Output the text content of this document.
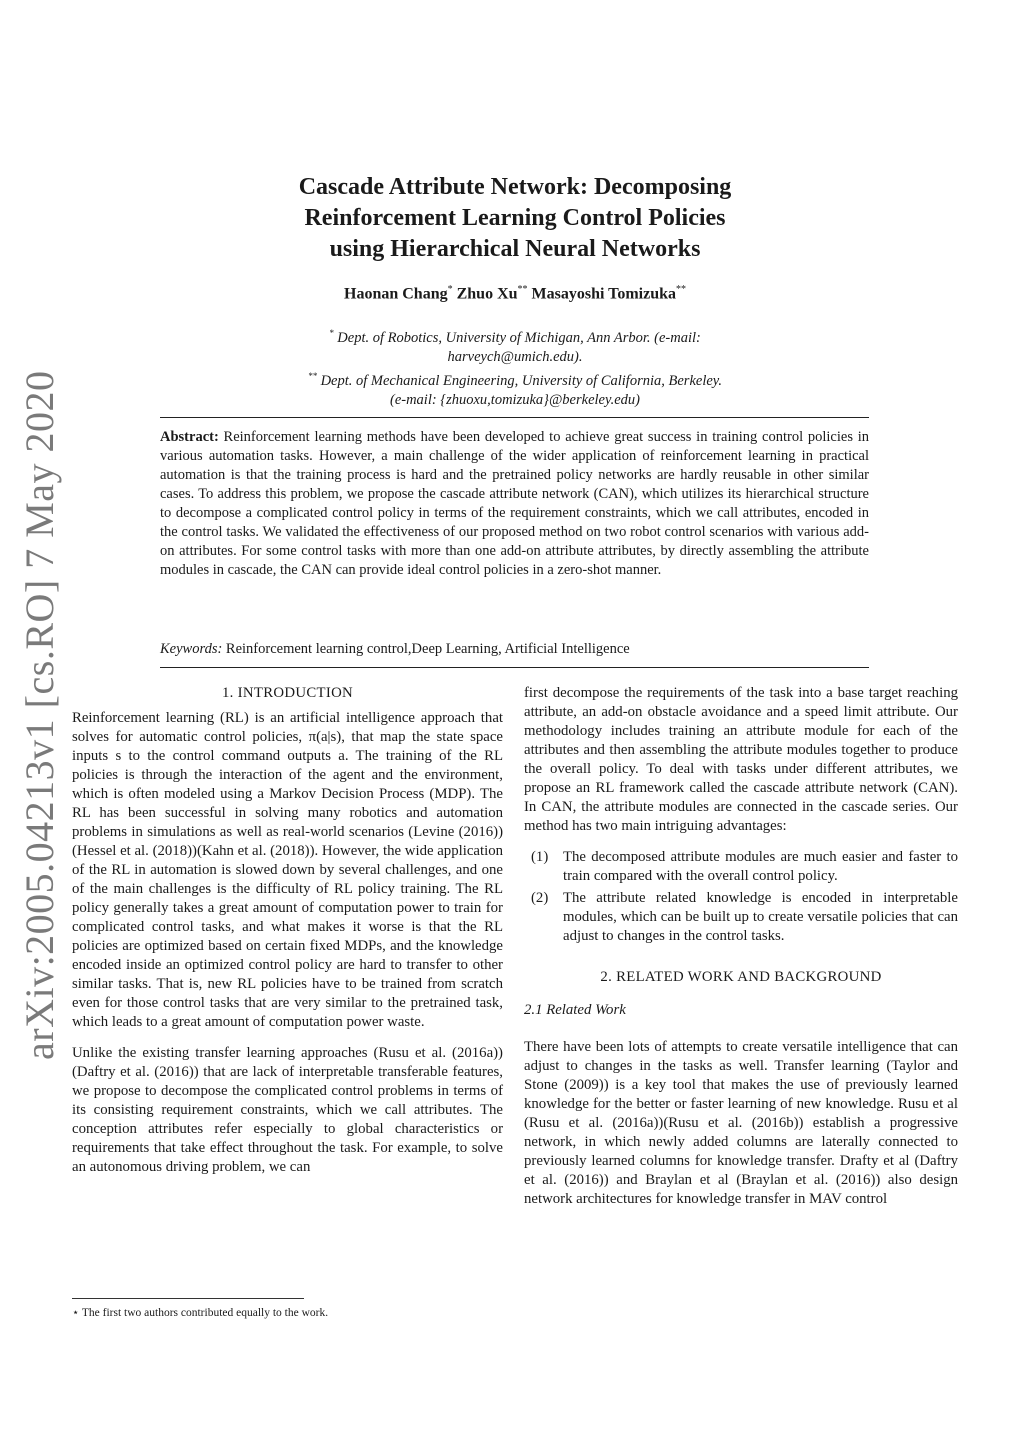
arXiv:2005.04213v1 [cs.RO] 7 May 2020
Cascade Attribute Network: Decomposing
Reinforcement Learning Control Policies
using Hierarchical Neural Networks
Haonan Chang* Zhuo Xu** Masayoshi Tomizuka**
* Dept. of Robotics, University of Michigan, Ann Arbor. (e-mail:
harveych@umich.edu).
** Dept. of Mechanical Engineering, University of California, Berkeley.
(e-mail: {zhuoxu,tomizuka}@berkeley.edu)
Abstract: Reinforcement learning methods have been developed to achieve great success in training control policies in various automation tasks. However, a main challenge of the wider application of reinforcement learning in practical automation is that the training process is hard and the pretrained policy networks are hardly reusable in other similar cases. To address this problem, we propose the cascade attribute network (CAN), which utilizes its hierarchical structure to decompose a complicated control policy in terms of the requirement constraints, which we call attributes, encoded in the control tasks. We validated the effectiveness of our proposed method on two robot control scenarios with various add-on attributes. For some control tasks with more than one add-on attribute attributes, by directly assembling the attribute modules in cascade, the CAN can provide ideal control policies in a zero-shot manner.
Keywords: Reinforcement learning control,Deep Learning, Artificial Intelligence
1. INTRODUCTION

Reinforcement learning (RL) is an artificial intelligence approach that solves for automatic control policies, π(a|s), that map the state space inputs s to the control command outputs a. The training of the RL policies is through the interaction of the agent and the environment, which is often modeled using a Markov Decision Process (MDP). The RL has been successful in solving many robotics and automation problems in simulations as well as real-world scenarios (Levine (2016))(Hessel et al. (2018))(Kahn et al. (2018)). However, the wide application of the RL in automation is slowed down by several challenges, and one of the main challenges is the difficulty of RL policy training. The RL policy generally takes a great amount of computation power to train for complicated control tasks, and what makes it worse is that the RL policies are optimized based on certain fixed MDPs, and the knowledge encoded inside an optimized control policy are hard to transfer to other similar tasks. That is, new RL policies have to be trained from scratch even for those control tasks that are very similar to the pretrained task, which leads to a great amount of computation power waste.

Unlike the existing transfer learning approaches (Rusu et al. (2016a)) (Daftry et al. (2016)) that are lack of interpretable transferable features, we propose to decompose the complicated control problems in terms of its consisting requirement constraints, which we call attributes. The conception attributes refer especially to global characteristics or requirements that take effect throughout the task. For example, to solve an autonomous driving problem, we can

first decompose the requirements of the task into a base target reaching attribute, an add-on obstacle avoidance and a speed limit attribute. Our methodology includes training an attribute module for each of the attributes and then assembling the attribute modules together to produce the overall policy. To deal with tasks under different attributes, we propose an RL framework called the cascade attribute network (CAN). In CAN, the attribute modules are connected in the cascade series. Our method has two main intriguing advantages:

(1) The decomposed attribute modules are much easier and faster to train compared with the overall control policy.
(2) The attribute related knowledge is encoded in interpretable modules, which can be built up to create versatile policies that can adjust to changes in the control tasks.
2. RELATED WORK AND BACKGROUND
2.1 Related Work

There have been lots of attempts to create versatile intelligence that can adjust to changes in the tasks as well. Transfer learning (Taylor and Stone (2009)) is a key tool that makes the use of previously learned knowledge for the better or faster learning of new knowledge. Rusu et al (Rusu et al. (2016a))(Rusu et al. (2016b)) establish a progressive network, in which newly added columns are laterally connected to previously learned columns for knowledge transfer. Drafty et al (Daftry et al. (2016)) and Braylan et al (Braylan et al. (2016)) also design network architectures for knowledge transfer in MAV control

⋆ The first two authors contributed equally to the work.
